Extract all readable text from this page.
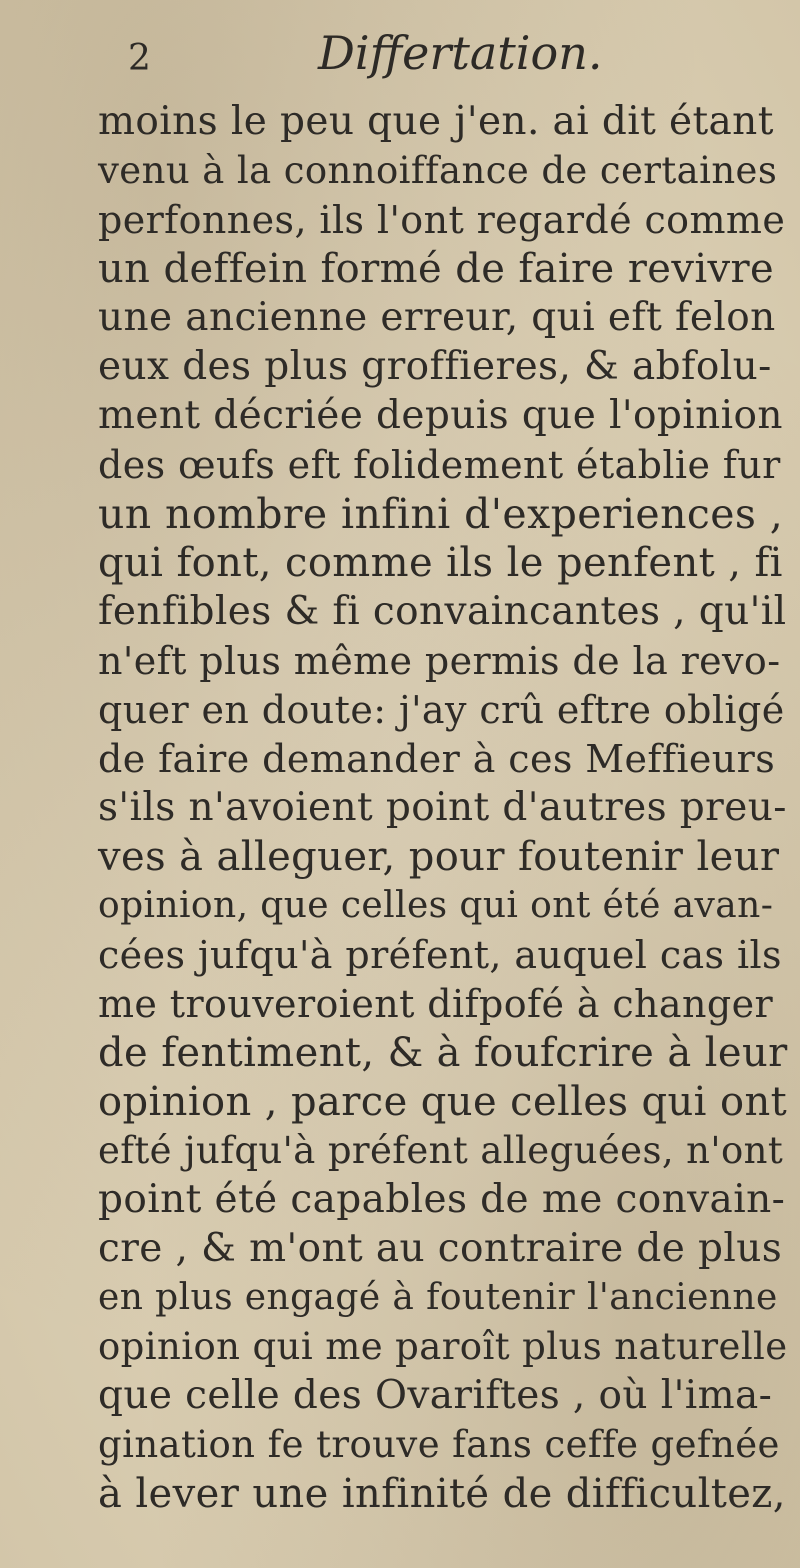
2	Differtation.
moins le peu que j'en. ai dit étant
venu à la connoiffance de certaines
perfonnes, ils l'ont regardé comme
un deffein formé de faire revivre
une ancienne erreur, qui eft felon
eux des plus groffieres, & abfolu-
ment décriée depuis que l'opinion
des œufs eft folidement établie fur
un nombre infini d'experiences ,
qui font, comme ils le penfent , fi
fenfibles & fi convaincantes , qu'il
n'eft plus même permis de la revo-
quer en doute: j'ay crû eftre obligé
de faire demander à ces Meffieurs
s'ils n'avoient point d'autres preu-
ves à alleguer, pour foutenir leur
opinion, que celles qui ont été avan-
cées jufqu'à préfent, auquel cas ils
me trouveroient difpofé à changer
de fentiment, & à foufcrire à leur
opinion , parce que celles qui ont
efté jufqu'à préfent alleguées, n'ont
point été capables de me convain-
cre , & m'ont au contraire de plus
en plus engagé à foutenir l'ancienne
opinion qui me paroît plus naturelle
que celle des Ovariftes , où l'ima-
gination fe trouve fans ceffe gefnée
à lever une infinité de difficultez,
